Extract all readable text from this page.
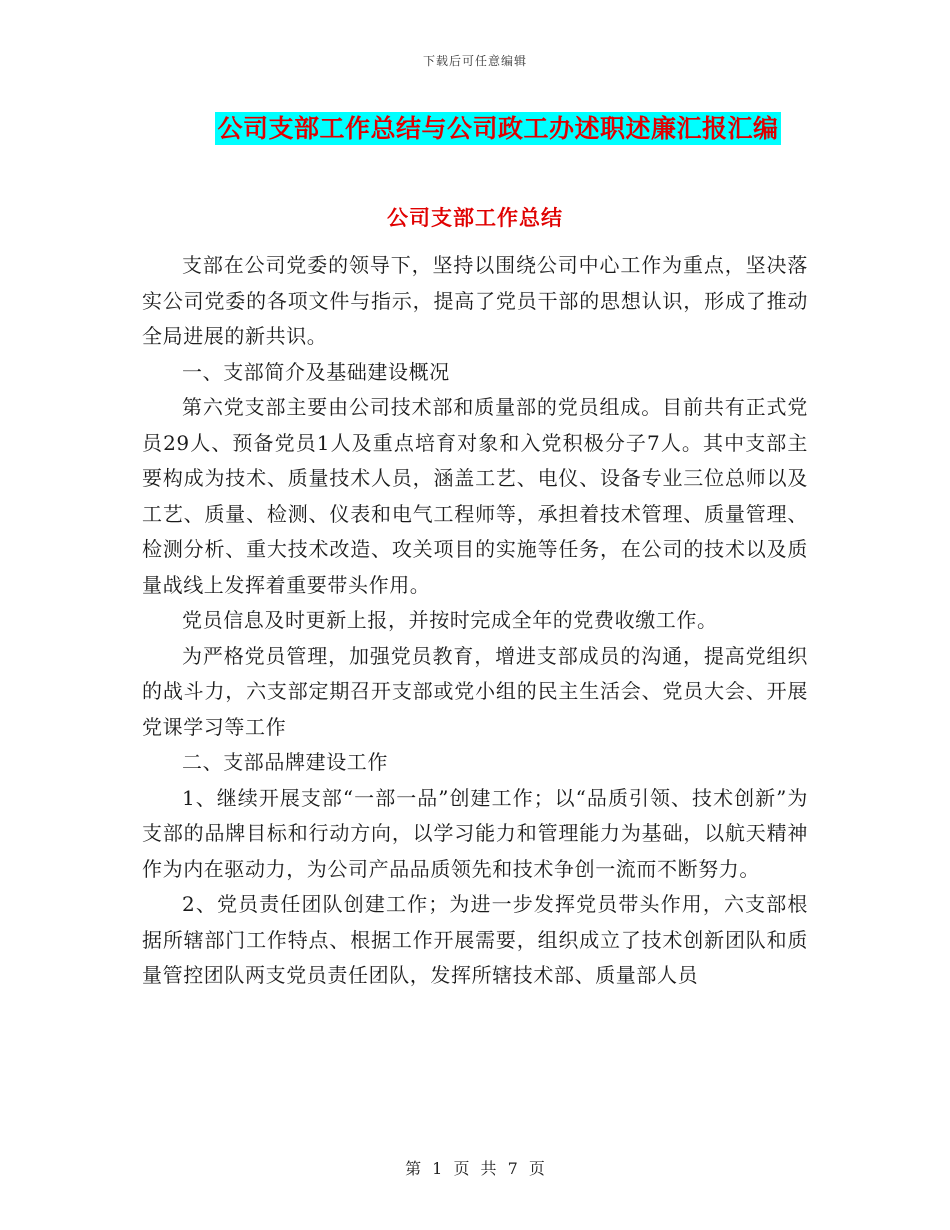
下载后可任意编辑
公司支部工作总结与公司政工办述职述廉汇报汇编
公司支部工作总结

支部在公司党委的领导下，坚持以围绕公司中心工作为重点，坚决落实公司党委的各项文件与指示，提高了党员干部的思想认识，形成了推动全局进展的新共识。

一、支部简介及基础建设概况

第六党支部主要由公司技术部和质量部的党员组成。目前共有正式党员29人、预备党员1人及重点培育对象和入党积极分子7人。其中支部主要构成为技术、质量技术人员，涵盖工艺、电仪、设备专业三位总师以及工艺、质量、检测、仪表和电气工程师等，承担着技术管理、质量管理、检测分析、重大技术改造、攻关项目的实施等任务，在公司的技术以及质量战线上发挥着重要带头作用。

党员信息及时更新上报，并按时完成全年的党费收缴工作。

为严格党员管理，加强党员教育，增进支部成员的沟通，提高党组织的战斗力，六支部定期召开支部或党小组的民主生活会、党员大会、开展党课学习等工作

二、支部品牌建设工作

1、继续开展支部“一部一品”创建工作；以“品质引领、技术创新”为支部的品牌目标和行动方向，以学习能力和管理能力为基础，以航天精神作为内在驱动力，为公司产品品质领先和技术争创一流而不断努力。

2、党员责任团队创建工作；为进一步发挥党员带头作用，六支部根据所辖部门工作特点、根据工作开展需要，组织成立了技术创新团队和质量管控团队两支党员责任团队，发挥所辖技术部、质量部人员

第 1 页 共 7 页
